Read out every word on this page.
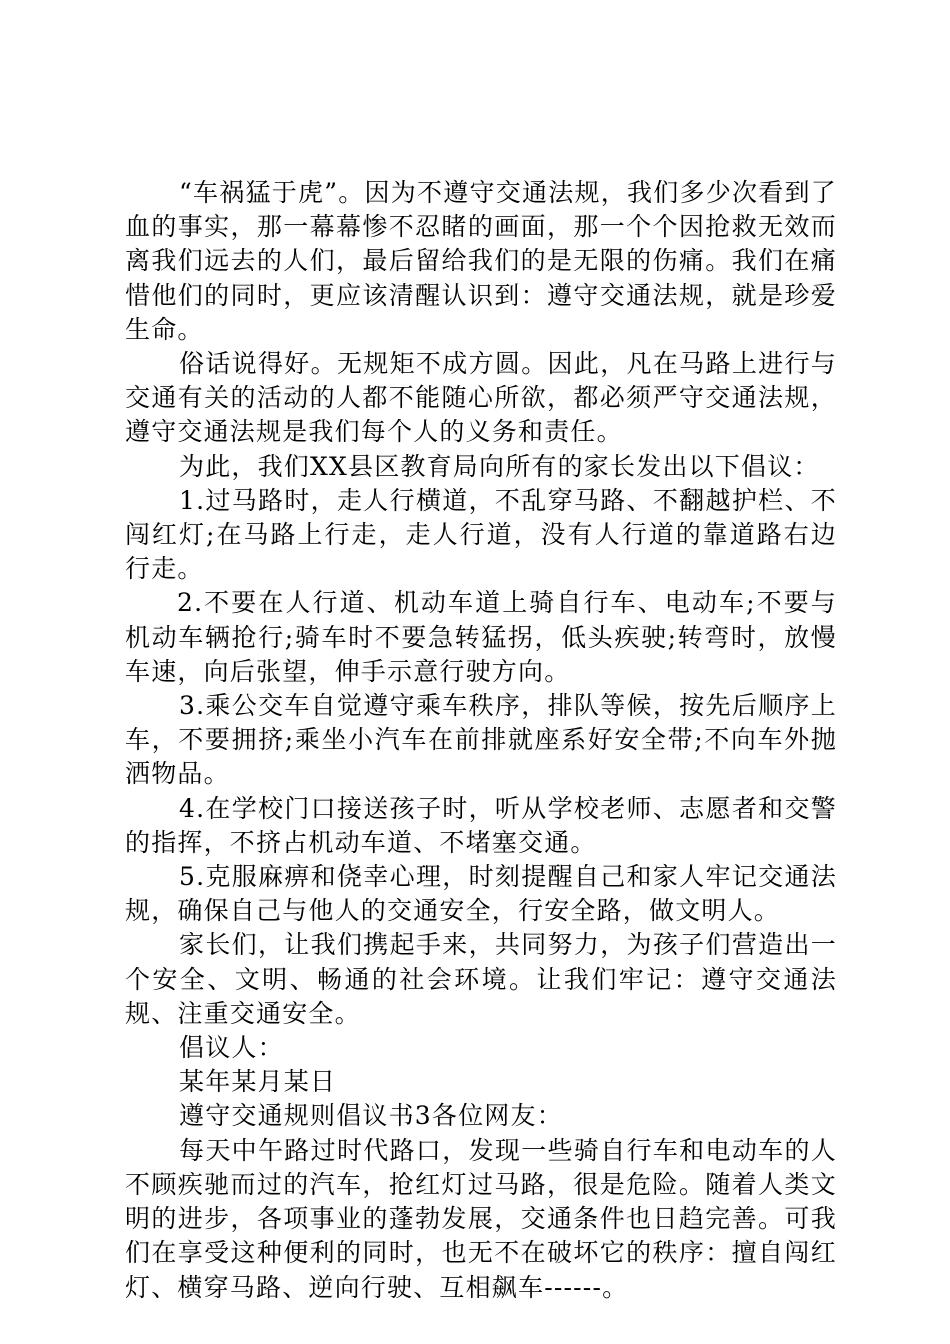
“车祸猛于虎”。因为不遵守交通法规，我们多少次看到了血的事实，那一幕幕惨不忍睹的画面，那一个个因抢救无效而离我们远去的人们，最后留给我们的是无限的伤痛。我们在痛惜他们的同时，更应该清醒认识到：遵守交通法规，就是珍爱生命。

俗话说得好。无规矩不成方圆。因此，凡在马路上进行与交通有关的活动的人都不能随心所欲，都必须严守交通法规，遵守交通法规是我们每个人的义务和责任。

为此，我们XX县区教育局向所有的家长发出以下倡议：

1.过马路时，走人行横道，不乱穿马路、不翻越护栏、不闯红灯;在马路上行走，走人行道，没有人行道的靠道路右边行走。

2.不要在人行道、机动车道上骑自行车、电动车;不要与机动车辆抢行;骑车时不要急转猛拐，低头疾驶;转弯时，放慢车速，向后张望，伸手示意行驶方向。

3.乘公交车自觉遵守乘车秩序，排队等候，按先后顺序上车，不要拥挤;乘坐小汽车在前排就座系好安全带;不向车外抛洒物品。

4.在学校门口接送孩子时，听从学校老师、志愿者和交警的指挥，不挤占机动车道、不堵塞交通。

5.克服麻痹和侥幸心理，时刻提醒自己和家人牢记交通法规，确保自己与他人的交通安全，行安全路，做文明人。

家长们，让我们携起手来，共同努力，为孩子们营造出一个安全、文明、畅通的社会环境。让我们牢记：遵守交通法规、注重交通安全。

倡议人：

某年某月某日

遵守交通规则倡议书3各位网友：

每天中午路过时代路口，发现一些骑自行车和电动车的人不顾疾驰而过的汽车，抢红灯过马路，很是危险。随着人类文明的进步，各项事业的蓬勃发展，交通条件也日趋完善。可我们在享受这种便利的同时，也无不在破坏它的秩序：擅自闯红灯、横穿马路、逆向行驶、互相飙车------。
